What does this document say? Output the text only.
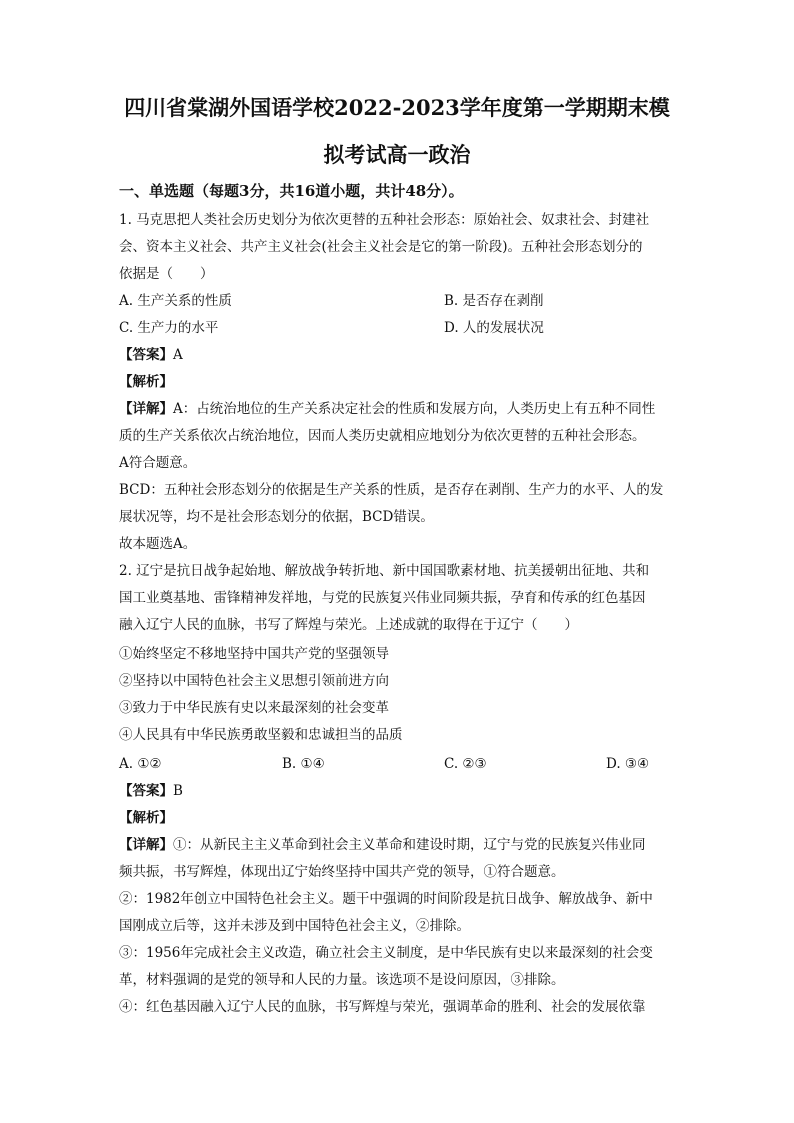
四川省棠湖外国语学校2022-2023学年度第一学期期末模
拟考试高一政治
一、单选题（每题3分，共16道小题，共计48分）。
1. 马克思把人类社会历史划分为依次更替的五种社会形态：原始社会、奴隶社会、封建社
会、资本主义社会、共产主义社会(社会主义社会是它的第一阶段)。五种社会形态划分的
依据是（　　）
A. 生产关系的性质	B. 是否存在剥削
C. 生产力的水平	D. 人的发展状况
【答案】A
【解析】
【详解】A：占统治地位的生产关系决定社会的性质和发展方向，人类历史上有五种不同性
质的生产关系依次占统治地位，因而人类历史就相应地划分为依次更替的五种社会形态。
A符合题意。
BCD：五种社会形态划分的依据是生产关系的性质，是否存在剥削、生产力的水平、人的发
展状况等，均不是社会形态划分的依据，BCD错误。
故本题选A。
2. 辽宁是抗日战争起始地、解放战争转折地、新中国国歌素材地、抗美援朝出征地、共和
国工业奠基地、雷锋精神发祥地，与党的民族复兴伟业同频共振，孕育和传承的红色基因
融入辽宁人民的血脉，书写了辉煌与荣光。上述成就的取得在于辽宁（　　）
①始终坚定不移地坚持中国共产党的坚强领导
②坚持以中国特色社会主义思想引领前进方向
③致力于中华民族有史以来最深刻的社会变革
④人民具有中华民族勇敢坚毅和忠诚担当的品质
A. ①②	B. ①④	C. ②③	D. ③④
【答案】B
【解析】
【详解】①：从新民主主义革命到社会主义革命和建设时期，辽宁与党的民族复兴伟业同
频共振，书写辉煌，体现出辽宁始终坚持中国共产党的领导，①符合题意。
②：1982年创立中国特色社会主义。题干中强调的时间阶段是抗日战争、解放战争、新中
国刚成立后等，这并未涉及到中国特色社会主义，②排除。
③：1956年完成社会主义改造，确立社会主义制度，是中华民族有史以来最深刻的社会变
革，材料强调的是党的领导和人民的力量。该选项不是设问原因，③排除。
④：红色基因融入辽宁人民的血脉，书写辉煌与荣光，强调革命的胜利、社会的发展依靠
